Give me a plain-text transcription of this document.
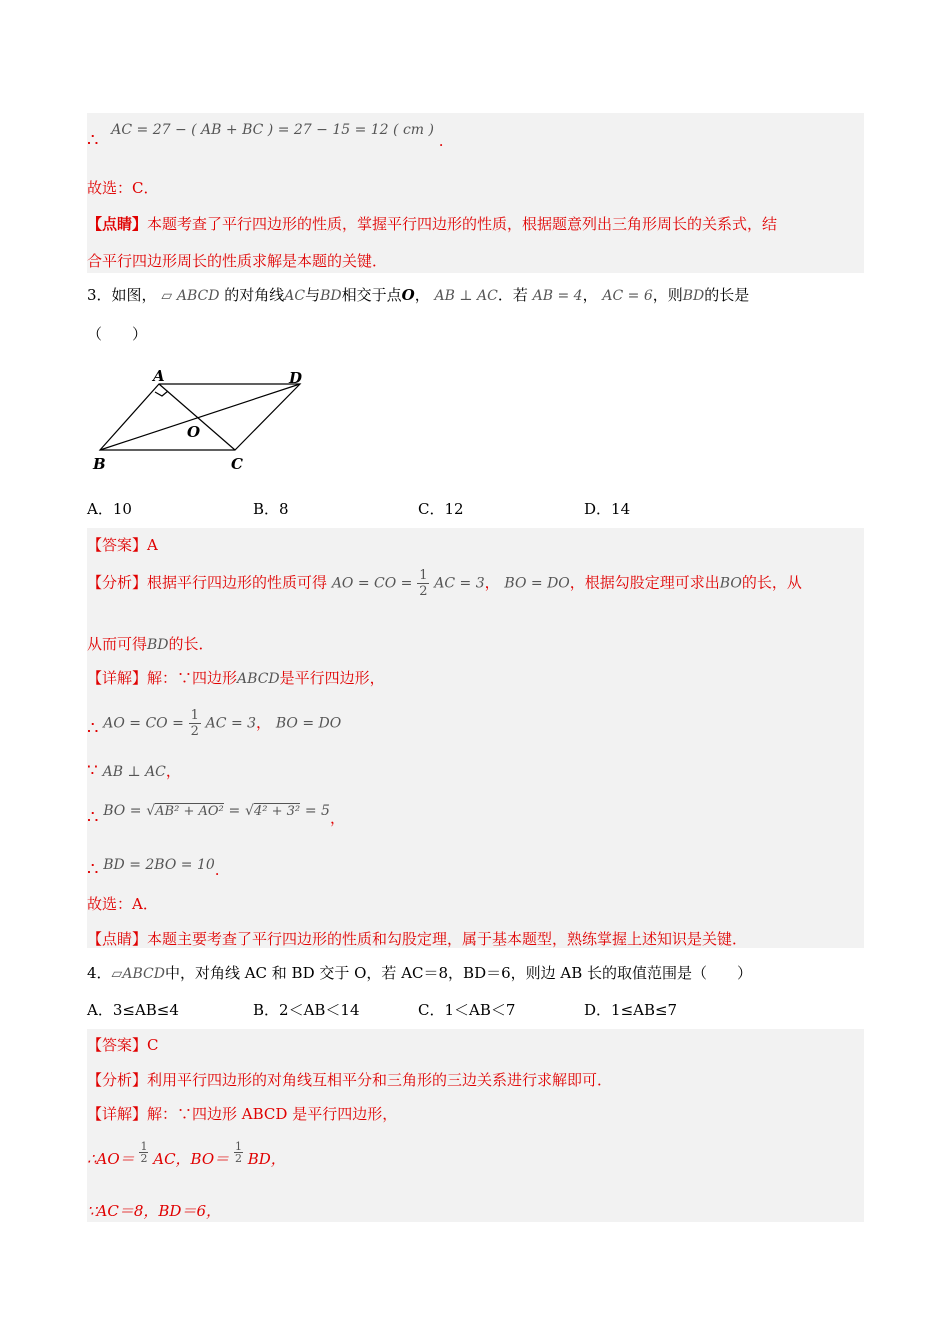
∴ AC = 27 − ( AB + BC ) = 27 − 15 = 12 ( cm ) .
故选：C．
【点睛】本题考查了平行四边形的性质，掌握平行四边形的性质，根据题意列出三角形周长的关系式，结
合平行四边形周长的性质求解是本题的关键．
3．如图， ▱ ABCD 的对角线AC与BD相交于点O， AB ⊥ AC．若 AB = 4， AC = 6，则BD的长是
（　　）
A	D
O
B	C
A．10	B．8	C．12	D．14
【答案】A
【分析】根据平行四边形的性质可得 AO = CO = $\frac{1}{2}$ AC = 3， BO = DO，根据勾股定理可求出BO的长，从
从而可得BD的长．
【详解】解：∵四边形ABCD是平行四边形，
∴ AO = CO = $\frac{1}{2}$ AC = 3， BO = DO
∵ AB ⊥ AC，
∴ BO = √AB² + AO² = √4² + 3² = 5，
∴ BD = 2BO = 10.
故选：A．
【点睛】本题主要考查了平行四边形的性质和勾股定理，属于基本题型，熟练掌握上述知识是关键．
4．▱ABCD中，对角线 AC 和 BD 交于 O，若 AC＝8，BD＝6，则边 AB 长的取值范围是（　　）
A．3≤AB≤4	B．2＜AB＜14	C．1＜AB＜7	D．1≤AB≤7
【答案】C
【分析】利用平行四边形的对角线互相平分和三角形的三边关系进行求解即可．
【详解】解：∵四边形 ABCD 是平行四边形，
∴AO＝ $\frac{1}{2}$ AC，$BO= \frac{1}{2}$ BD，
∵AC＝8，BD＝6，
